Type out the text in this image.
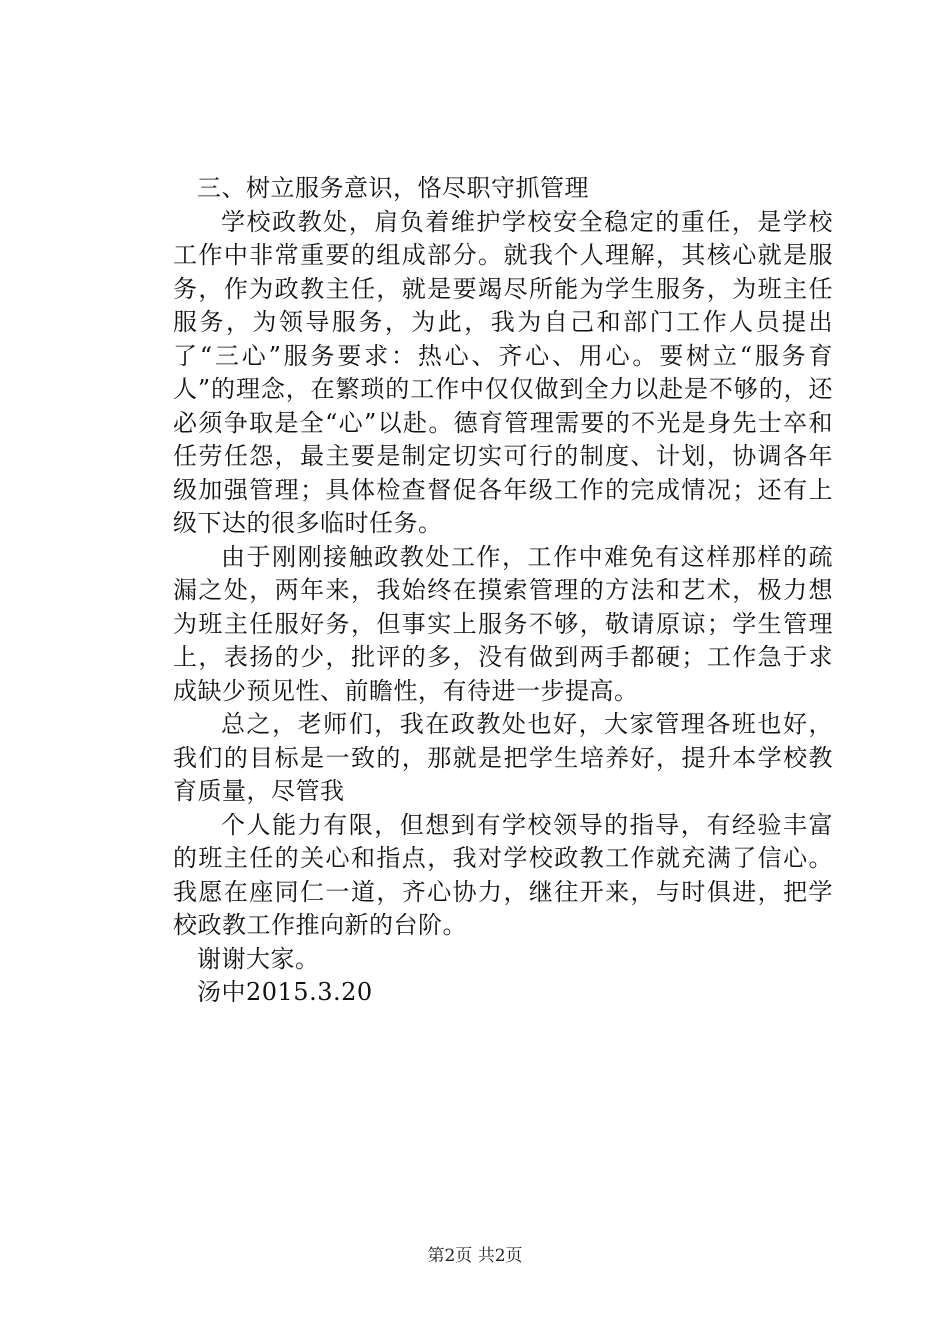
三、树立服务意识，恪尽职守抓管理

学校政教处，肩负着维护学校安全稳定的重任，是学校工作中非常重要的组成部分。就我个人理解，其核心就是服务，作为政教主任，就是要竭尽所能为学生服务，为班主任服务，为领导服务，为此，我为自己和部门工作人员提出了“三心”服务要求：热心、齐心、用心。要树立“服务育人”的理念，在繁琐的工作中仅仅做到全力以赴是不够的，还必须争取是全“心”以赴。德育管理需要的不光是身先士卒和任劳任怨，最主要是制定切实可行的制度、计划，协调各年级加强管理；具体检查督促各年级工作的完成情况；还有上级下达的很多临时任务。

由于刚刚接触政教处工作，工作中难免有这样那样的疏漏之处，两年来，我始终在摸索管理的方法和艺术，极力想为班主任服好务，但事实上服务不够，敬请原谅；学生管理上，表扬的少，批评的多，没有做到两手都硬；工作急于求成缺少预见性、前瞻性，有待进一步提高。

总之，老师们，我在政教处也好，大家管理各班也好，我们的目标是一致的，那就是把学生培养好，提升本学校教育质量，尽管我

个人能力有限，但想到有学校领导的指导，有经验丰富的班主任的关心和指点，我对学校政教工作就充满了信心。我愿在座同仁一道，齐心协力，继往开来，与时俱进，把学校政教工作推向新的台阶。

谢谢大家。

汤中2015.3.20

第2页 共2页
